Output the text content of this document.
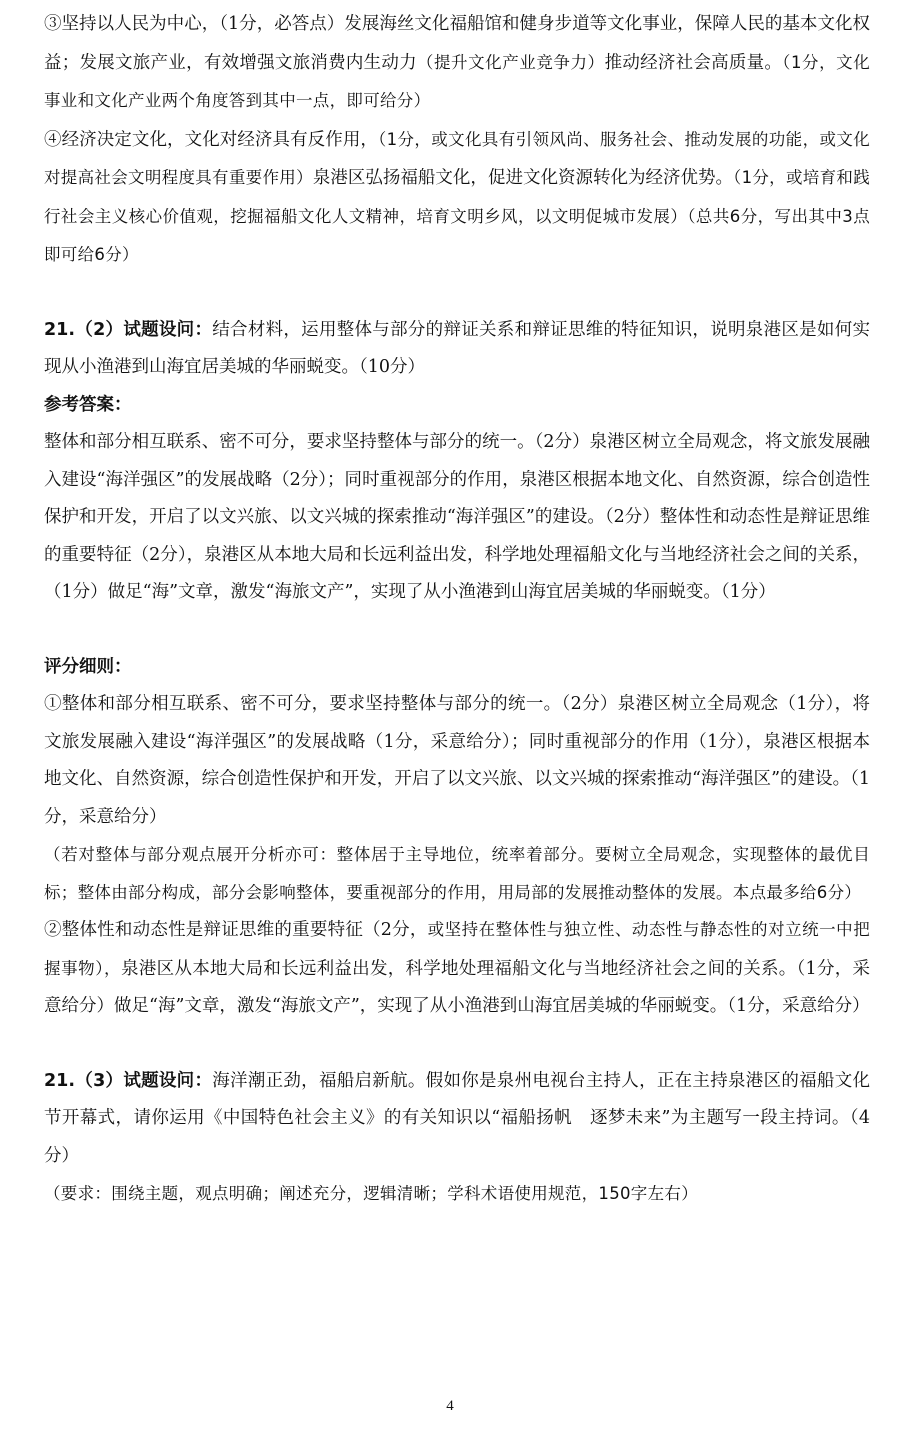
③坚持以人民为中心，（1分，必答点）发展海丝文化福船馆和健身步道等文化事业，保障人民的基本文化权益；发展文旅产业，有效增强文旅消费内生动力（提升文化产业竞争力）推动经济社会高质量。（1分，文化事业和文化产业两个角度答到其中一点，即可给分）

④经济决定文化，文化对经济具有反作用，（1分，或文化具有引领风尚、服务社会、推动发展的功能，或文化对提高社会文明程度具有重要作用）泉港区弘扬福船文化，促进文化资源转化为经济优势。（1分，或培育和践行社会主义核心价值观，挖掘福船文化人文精神，培育文明乡风，以文明促城市发展）（总共6分，写出其中3点即可给6分）

21.（2）试题设问：结合材料，运用整体与部分的辩证关系和辩证思维的特征知识，说明泉港区是如何实现从小渔港到山海宜居美城的华丽蜕变。（10分）

参考答案：

整体和部分相互联系、密不可分，要求坚持整体与部分的统一。（2分）泉港区树立全局观念，将文旅发展融入建设“海洋强区”的发展战略（2分）；同时重视部分的作用，泉港区根据本地文化、自然资源，综合创造性保护和开发，开启了以文兴旅、以文兴城的探索推动“海洋强区”的建设。（2分）整体性和动态性是辩证思维的重要特征（2分），泉港区从本地大局和长远利益出发，科学地处理福船文化与当地经济社会之间的关系，（1分）做足“海”文章，激发“海旅文产”，实现了从小渔港到山海宜居美城的华丽蜕变。（1分）

评分细则：

①整体和部分相互联系、密不可分，要求坚持整体与部分的统一。（2分）泉港区树立全局观念（1分），将文旅发展融入建设“海洋强区”的发展战略（1分，采意给分）；同时重视部分的作用（1分），泉港区根据本地文化、自然资源，综合创造性保护和开发，开启了以文兴旅、以文兴城的探索推动“海洋强区”的建设。（1分，采意给分）

（若对整体与部分观点展开分析亦可：整体居于主导地位，统率着部分。要树立全局观念，实现整体的最优目标；整体由部分构成，部分会影响整体，要重视部分的作用，用局部的发展推动整体的发展。本点最多给6分）

②整体性和动态性是辩证思维的重要特征（2分，或坚持在整体性与独立性、动态性与静态性的对立统一中把握事物），泉港区从本地大局和长远利益出发，科学地处理福船文化与当地经济社会之间的关系。（1分，采意给分）做足“海”文章，激发“海旅文产”，实现了从小渔港到山海宜居美城的华丽蜕变。（1分，采意给分）

21.（3）试题设问：海洋潮正劲，福船启新航。假如你是泉州电视台主持人，正在主持泉港区的福船文化节开幕式，请你运用《中国特色社会主义》的有关知识以“福船扬帆　逐梦未来”为主题写一段主持词。（4分）

（要求：围绕主题，观点明确；阐述充分，逻辑清晰；学科术语使用规范，150字左右）

4
